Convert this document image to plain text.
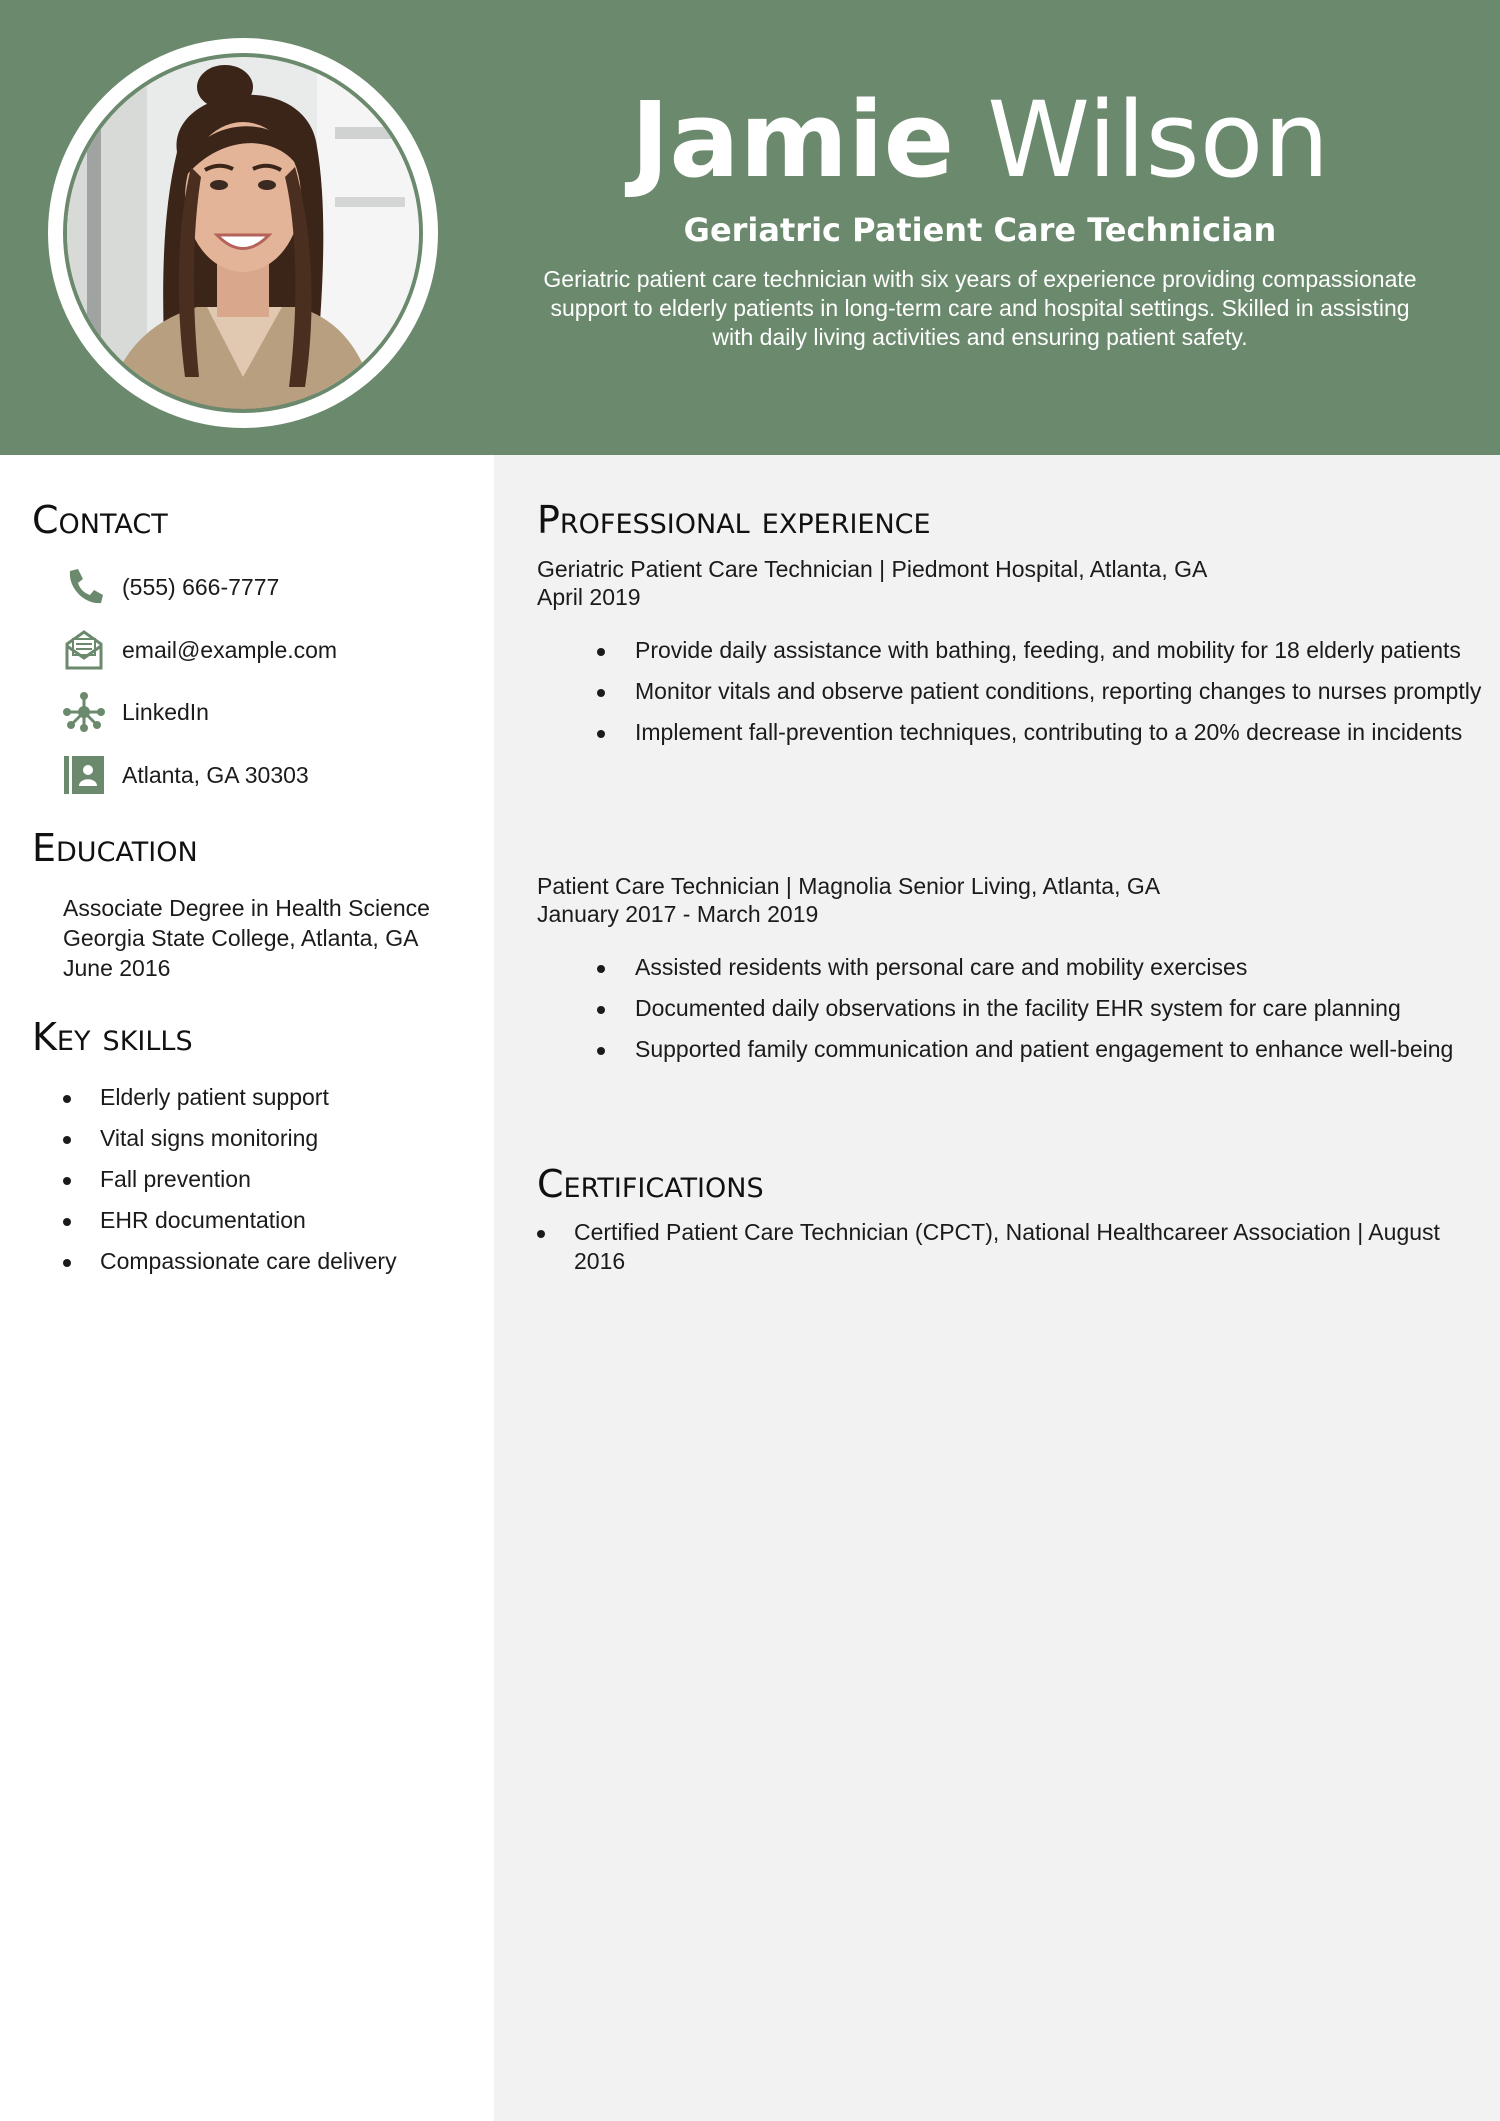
Jamie Wilson
Geriatric Patient Care Technician
Geriatric patient care technician with six years of experience providing compassionate support to elderly patients in long-term care and hospital settings. Skilled in assisting with daily living activities and ensuring patient safety.
Contact
(555) 666-7777
email@example.com
LinkedIn
Atlanta, GA 30303
Education
Associate Degree in Health Science
Georgia State College, Atlanta, GA
June 2016
Key skills
Elderly patient support
Vital signs monitoring
Fall prevention
EHR documentation
Compassionate care delivery
Professional experience
Geriatric Patient Care Technician | Piedmont Hospital, Atlanta, GA
April 2019
Provide daily assistance with bathing, feeding, and mobility for 18 elderly patients
Monitor vitals and observe patient conditions, reporting changes to nurses promptly
Implement fall-prevention techniques, contributing to a 20% decrease in incidents
Patient Care Technician | Magnolia Senior Living, Atlanta, GA
January 2017 - March 2019
Assisted residents with personal care and mobility exercises
Documented daily observations in the facility EHR system for care planning
Supported family communication and patient engagement to enhance well-being
Certifications
Certified Patient Care Technician (CPCT), National Healthcareer Association | August 2016
